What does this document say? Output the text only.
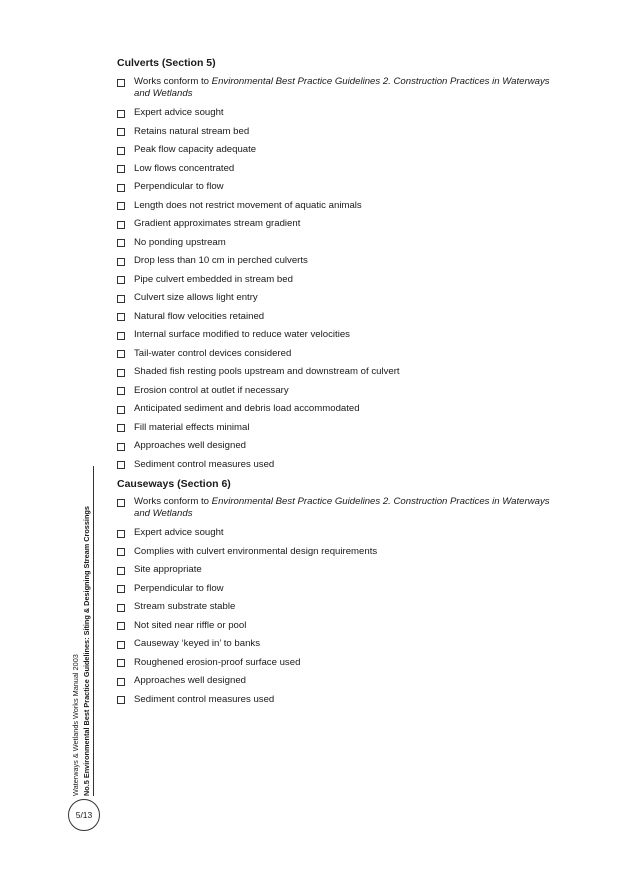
Culverts (Section 5)
Works conform to Environmental Best Practice Guidelines 2. Construction Practices in Waterways and Wetlands
Expert advice sought
Retains natural stream bed
Peak flow capacity adequate
Low flows concentrated
Perpendicular to flow
Length does not restrict movement of aquatic animals
Gradient approximates stream gradient
No ponding upstream
Drop less than 10 cm in perched culverts
Pipe culvert embedded in stream bed
Culvert size allows light entry
Natural flow velocities retained
Internal surface modified to reduce water velocities
Tail-water control devices considered
Shaded fish resting pools upstream and downstream of culvert
Erosion control at outlet if necessary
Anticipated sediment and debris load accommodated
Fill material effects minimal
Approaches well designed
Sediment control measures used
Causeways (Section 6)
Works conform to Environmental Best Practice Guidelines 2. Construction Practices in Waterways and Wetlands
Expert advice sought
Complies with culvert environmental design requirements
Site appropriate
Perpendicular to flow
Stream substrate stable
Not sited near riffle or pool
Causeway ‘keyed in’ to banks
Roughened erosion-proof surface used
Approaches well designed
Sediment control measures used
Waterways & Wetlands Works Manual 2003 No.5 Environmental Best Practice Guidelines: Siting & Designing Stream Crossings
5/13
